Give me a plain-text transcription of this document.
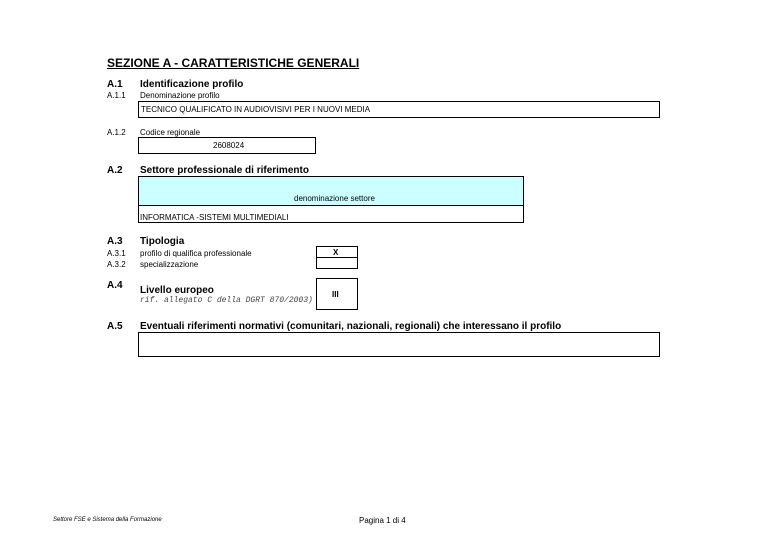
SEZIONE A - CARATTERISTICHE GENERALI
A.1 Identificazione profilo
A.1.1 Denominazione profilo
TECNICO QUALIFICATO IN AUDIOVISIVI PER I NUOVI MEDIA
A.1.2 Codice regionale
2608024
A.2 Settore professionale di riferimento
denominazione settore
INFORMATICA -SISTEMI MULTIMEDIALI
A.3 Tipologia
A.3.1 profilo di qualifica professionale
A.3.2 specializzazione
X
A.4 Livello europeo
rif. allegato C della DGRT 870/2003)
III
A.5 Eventuali riferimenti normativi (comunitari, nazionali, regionali) che interessano il profilo
Settore FSE e Sistema della Formazione	Pagina 1 di 4
